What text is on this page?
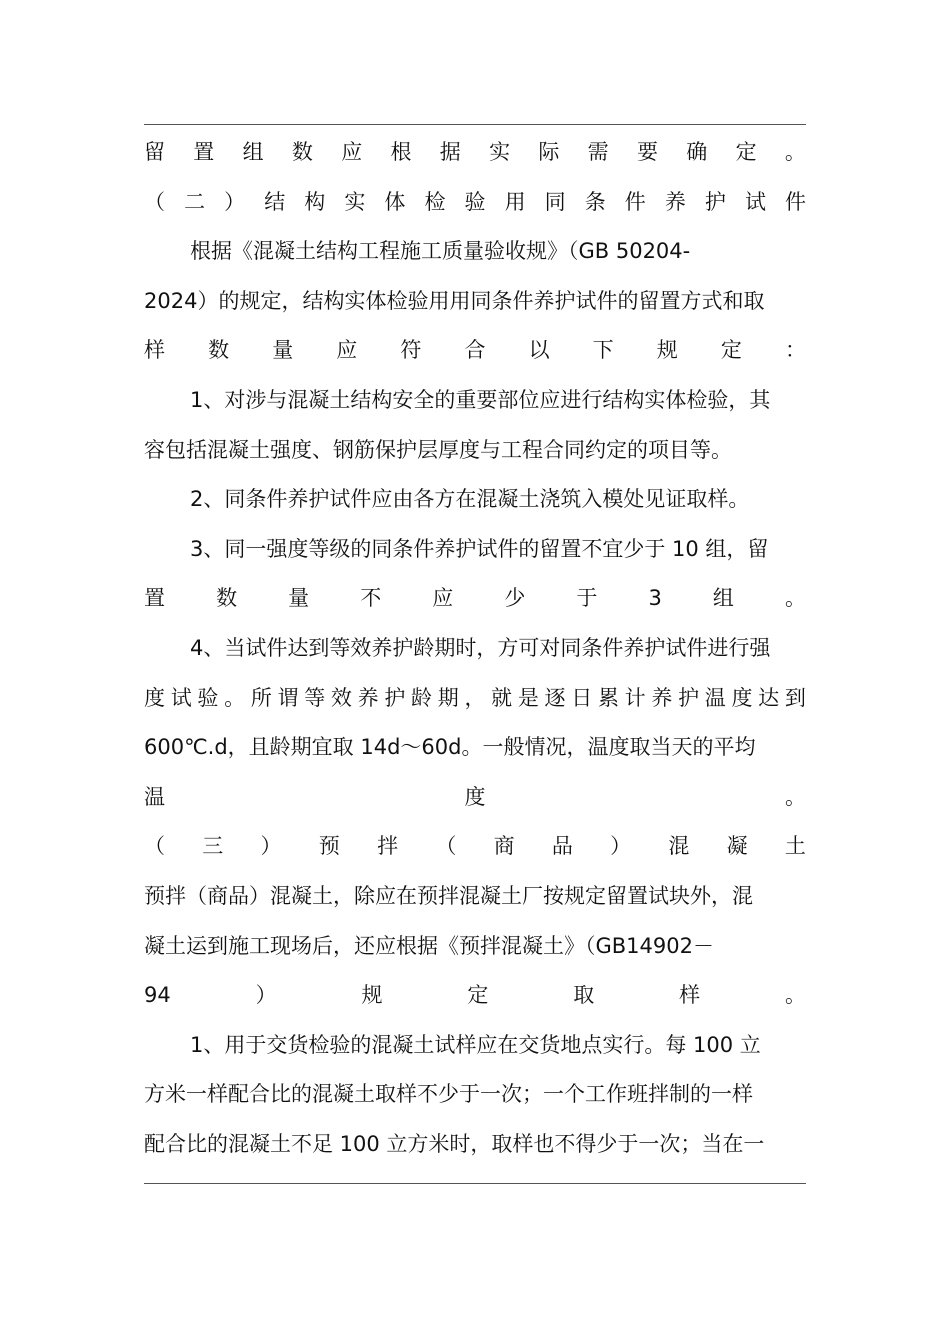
留 置 组 数 应 根 据 实 际 需 要 确 定 。
（ 二 ） 结 构 实 体 检 验 用 同 条 件 养 护 试 件
根据《混凝土结构工程施工质量验收规》（GB 50204-
2024）的规定，结构实体检验用用同条件养护试件的留置方式和取
样 数 量 应 符 合 以 下 规 定 ：
1、对涉与混凝土结构安全的重要部位应进行结构实体检验，其
容包括混凝土强度、钢筋保护层厚度与工程合同约定的项目等。
2、同条件养护试件应由各方在混凝土浇筑入模处见证取样。
3、同一强度等级的同条件养护试件的留置不宜少于 10 组，留
置 数 量 不 应 少 于 3 组 。
4、当试件达到等效养护龄期时，方可对同条件养护试件进行强
度 试 验 。 所 谓 等 效 养 护 龄 期 ， 就 是 逐 日 累 计 养 护 温 度 达 到
600℃.d，且龄期宜取 14d～60d。一般情况，温度取当天的平均
温	度	。
（ 三 ） 预 拌 （ 商 品 ） 混 凝 土
预拌（商品）混凝土，除应在预拌混凝土厂按规定留置试块外，混
凝土运到施工现场后，还应根据《预拌混凝土》（GB14902－
94	）	规	定	取	样	。
1、用于交货检验的混凝土试样应在交货地点实行。每 100 立
方米一样配合比的混凝土取样不少于一次；一个工作班拌制的一样
配合比的混凝土不足 100 立方米时，取样也不得少于一次；当在一
